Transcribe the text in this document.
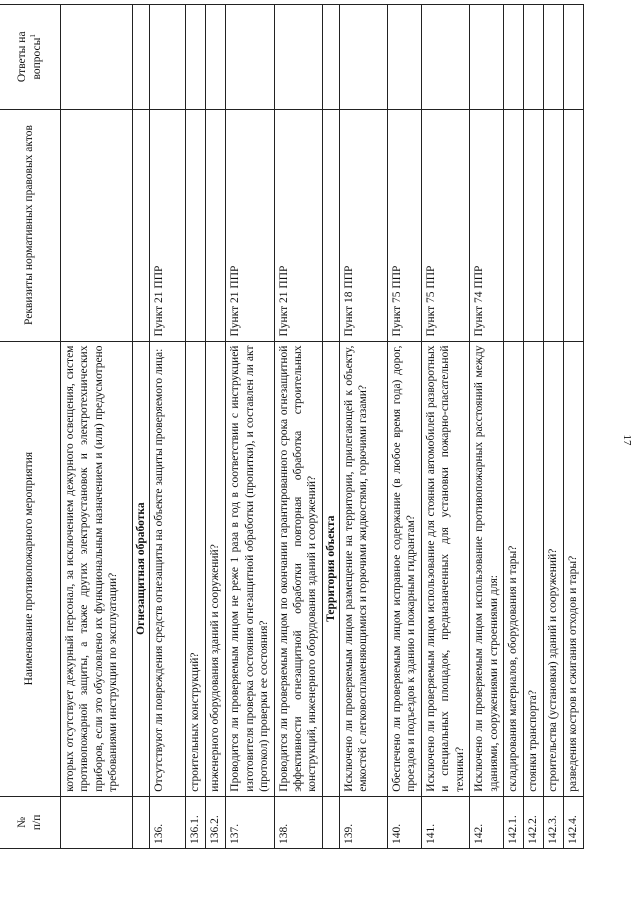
17
№
п/п	Наименование противопожарного мероприятия	Реквизиты нормативных правовых актов	Ответы на вопросы$^1$
	которых отсутствует дежурный персонал, за исключением дежурного освещения, систем противопожарной защиты, а также других электроустановок и электротехнических приборов, если это обусловлено их функциональным назначением и (или) предусмотрено требованиями инструкции по эксплуатации?		
	Огнезащитная обработка		
136.	Отсутствуют ли повреждения средств огнезащиты на объекте защиты проверяемого лица:	Пункт 21 ППР	
136.1.	строительных конструкций?		
136.2.	инженерного оборудования зданий и сооружений?		
137.	Проводится ли проверяемым лицом не реже 1 раза в год в соответствии с инструкцией изготовителя проверка состояния огнезащитной обработки (пропитки), и составлен ли акт (протокол) проверки ее состояния?	Пункт 21 ППР	
138.	Проводится ли проверяемым лицом по окончании гарантированного срока огнезащитной эффективности огнезащитной обработки повторная обработка строительных конструкций, инженерного оборудования зданий и сооружений?	Пункт 21 ППР	
	Территория объекта		
139.	Исключено ли проверяемым лицом размещение на территории, прилегающей к объекту, емкостей с легковоспламеняющимися и горючими жидкостями, горючими газами?	Пункт 18 ППР	
140.	Обеспечено ли проверяемым лицом исправное содержание (в любое время года) дорог, проездов и подъездов к зданию и пожарным гидрантам?	Пункт 75 ППР	
141.	Исключено ли проверяемым лицом использование для стоянки автомобилей разворотных и специальных площадок, предназначенных для установки пожарно-спасательной техники?	Пункт 75 ППР	
142.	Исключено ли проверяемым лицом использование противопожарных расстояний между зданиями, сооружениями и строениями для:	Пункт 74 ППР	
142.1.	складирования материалов, оборудования и тары?		
142.2.	стоянки транспорта?		
142.3.	строительства (установки) зданий и сооружений?		
142.4.	разведения костров и сжигания отходов и тары?		
